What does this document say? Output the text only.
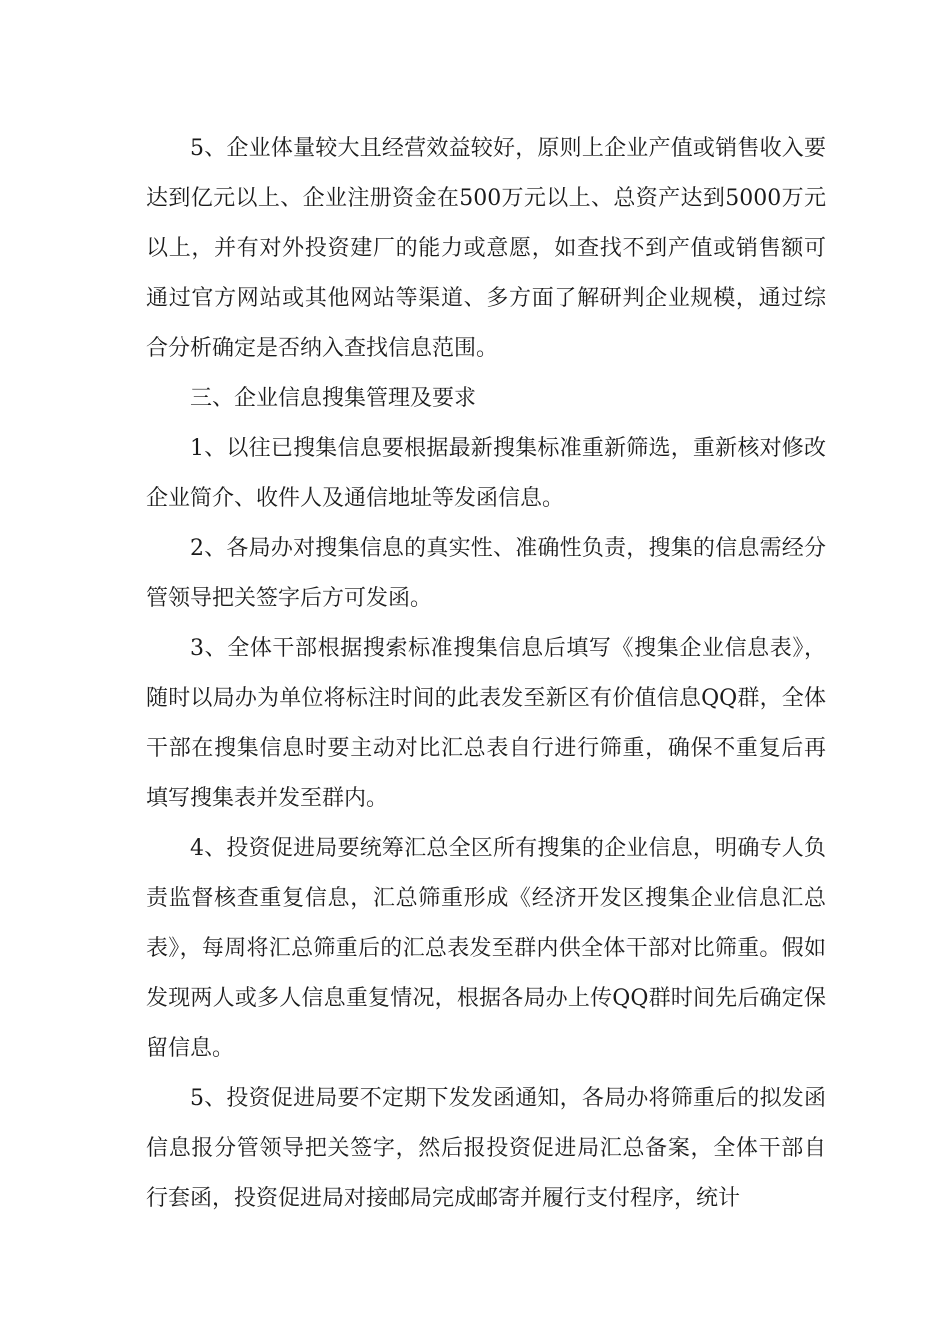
5、企业体量较大且经营效益较好，原则上企业产值或销售收入要达到亿元以上、企业注册资金在500万元以上、总资产达到5000万元以上，并有对外投资建厂的能力或意愿，如查找不到产值或销售额可通过官方网站或其他网站等渠道、多方面了解研判企业规模，通过综合分析确定是否纳入查找信息范围。

三、企业信息搜集管理及要求

1、以往已搜集信息要根据最新搜集标准重新筛选，重新核对修改企业简介、收件人及通信地址等发函信息。

2、各局办对搜集信息的真实性、准确性负责，搜集的信息需经分管领导把关签字后方可发函。

3、全体干部根据搜索标准搜集信息后填写《搜集企业信息表》，随时以局办为单位将标注时间的此表发至新区有价值信息QQ群，全体干部在搜集信息时要主动对比汇总表自行进行筛重，确保不重复后再填写搜集表并发至群内。

4、投资促进局要统筹汇总全区所有搜集的企业信息，明确专人负责监督核查重复信息，汇总筛重形成《经济开发区搜集企业信息汇总表》，每周将汇总筛重后的汇总表发至群内供全体干部对比筛重。假如发现两人或多人信息重复情况，根据各局办上传QQ群时间先后确定保留信息。

5、投资促进局要不定期下发发函通知，各局办将筛重后的拟发函信息报分管领导把关签字，然后报投资促进局汇总备案，全体干部自行套函，投资促进局对接邮局完成邮寄并履行支付程序，统计
